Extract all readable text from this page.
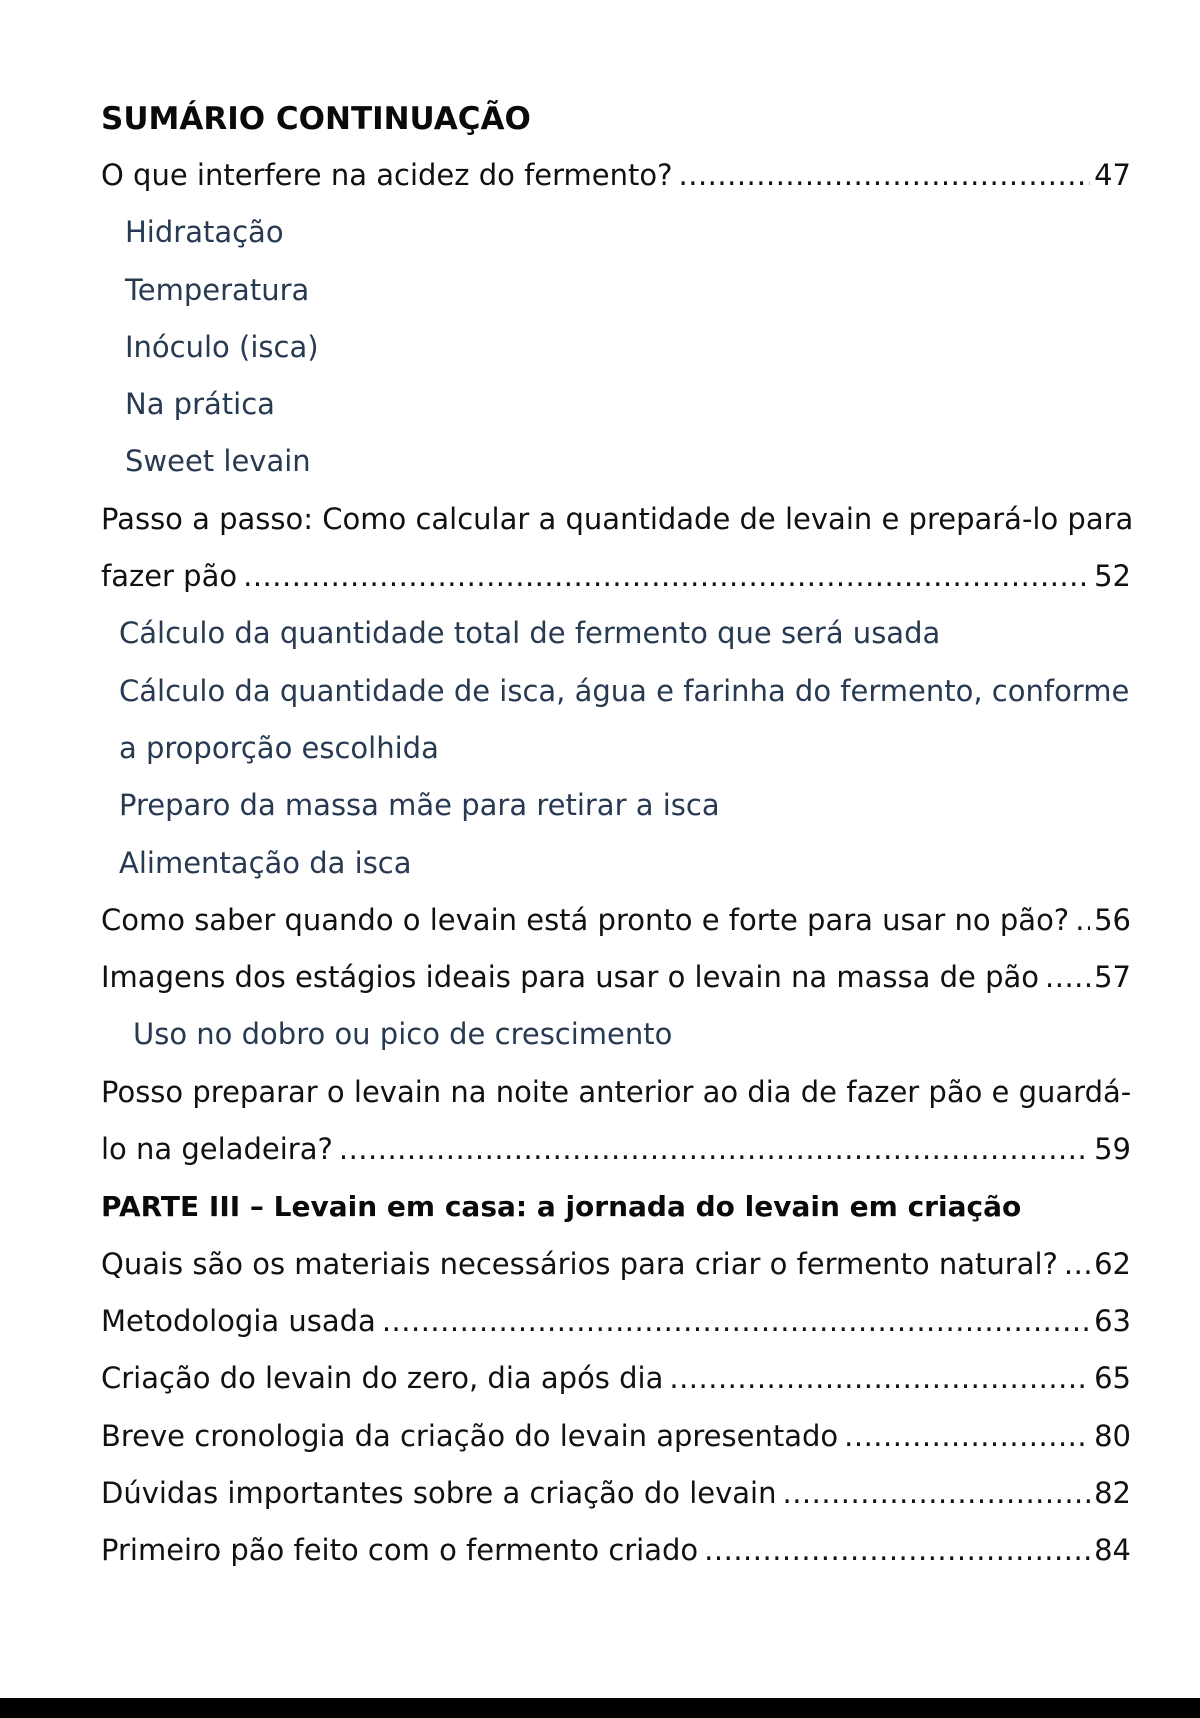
SUMÁRIO CONTINUAÇÃO
O que interfere na acidez do fermento? .....	47
Hidratação
Temperatura
Inóculo (isca)
Na prática
Sweet levain
Passo a passo: Como calcular a quantidade de levain e prepará-lo para
fazer pão .....	52
Cálculo da quantidade total de fermento que será usada
Cálculo da quantidade de isca, água e farinha do fermento, conforme
a proporção escolhida
Preparo da massa mãe para retirar a isca
Alimentação da isca
Como saber quando o levain está pronto e forte para usar no pão? ..... 56
Imagens dos estágios ideais para usar o levain na massa de pão ..... 57
Uso no dobro ou pico de crescimento
Posso preparar o levain na noite anterior ao dia de fazer pão e guardá-
lo na geladeira? .....	59
PARTE III – Levain em casa: a jornada do levain em criação
Quais são os materiais necessários para criar o fermento natural? ..... 62
Metodologia usada .....	63
Criação do levain do zero, dia após dia .....	65
Breve cronologia da criação do levain apresentado .....	80
Dúvidas importantes sobre a criação do levain .....	82
Primeiro pão feito com o fermento criado .....	84
